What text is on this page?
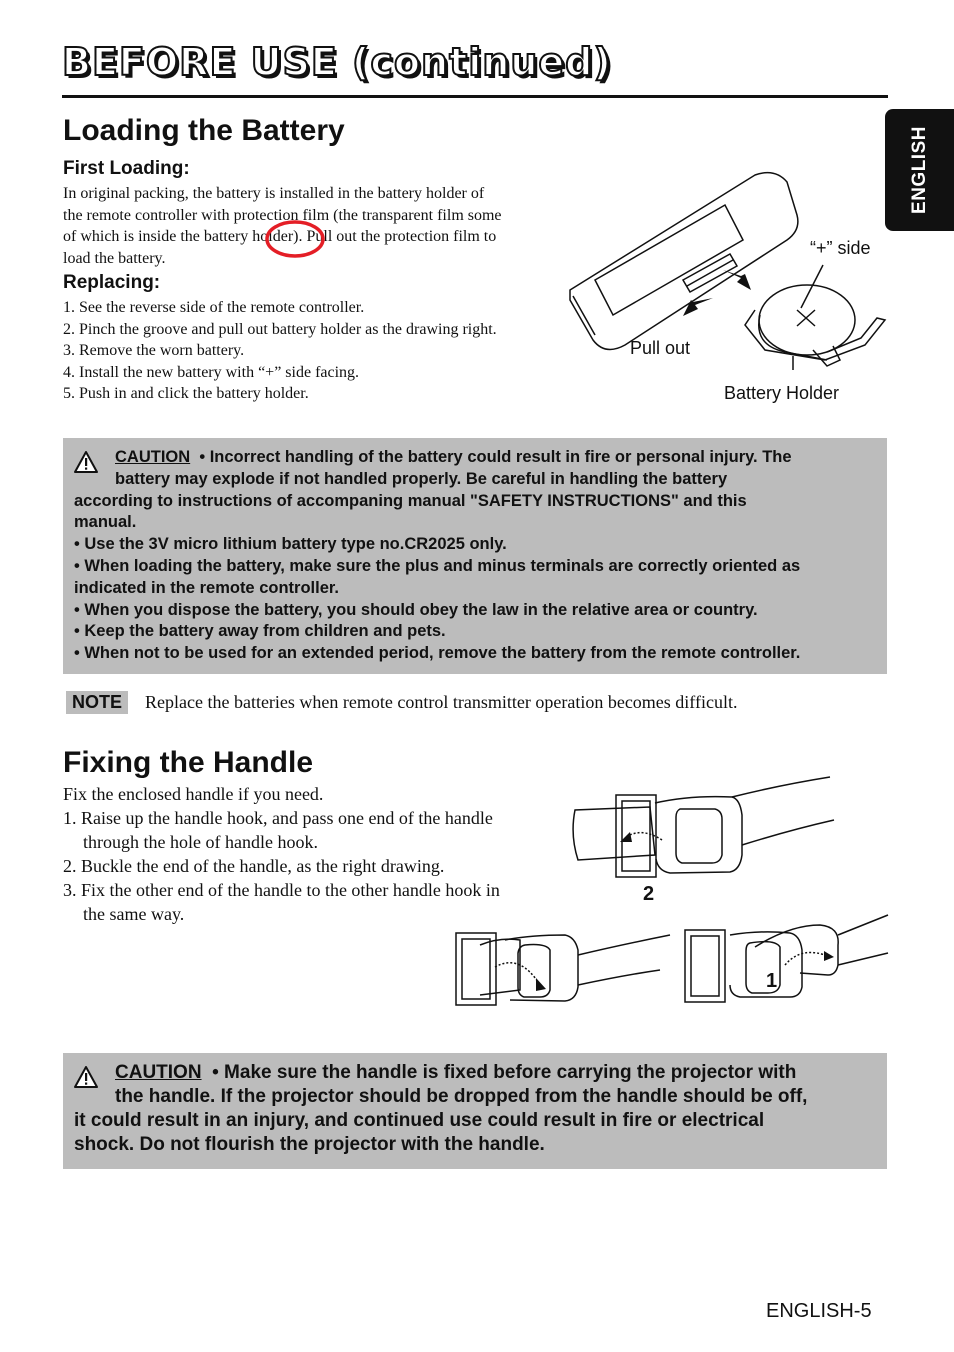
BEFORE USE (continued)
ENGLISH
Loading the Battery
First Loading:
In original packing, the battery is installed in the battery holder of
the remote controller with protection film (the transparent film some
of which is inside the battery holder). Pull out the protection film to
load the battery.
Replacing:
1. See the reverse side of the remote controller.
2. Pinch the groove and pull out battery holder as the drawing right.
3. Remove the worn battery.
4. Install the new battery with “+” side facing.
5. Push in and click the battery holder.
“+” side
Pull out
Battery Holder

CAUTION • Incorrect handling of the battery could result in fire or personal injury. The

battery may explode if not handled properly. Be careful in handling the battery

according to instructions of accompaning manual "SAFETY INSTRUCTIONS" and this

manual.

• Use the 3V micro lithium battery type no.CR2025 only.

• When loading the battery, make sure the plus and minus terminals are correctly oriented as

indicated in the remote controller.

• When you dispose the battery, you should obey the law in the relative area or country.

• Keep the battery away from children and pets.

• When not to be used for an extended period, remove the battery from the remote controller.

NOTE	Replace the batteries when remote control transmitter operation becomes difficult.
Fixing the Handle
Fix the enclosed handle if you need.
1. Raise up the handle hook, and pass one end of the handle through the hole of handle hook.
2. Buckle the end of the handle, as the right drawing.
3. Fix the other end of the handle to the other handle hook in the same way.
2
1

CAUTION • Make sure the handle is fixed before carrying the projector with

the handle. If the projector should be dropped from the handle should be off,

it could result in an injury, and continued use could result in fire or electrical

shock. Do not flourish the projector with the handle.

ENGLISH-5
